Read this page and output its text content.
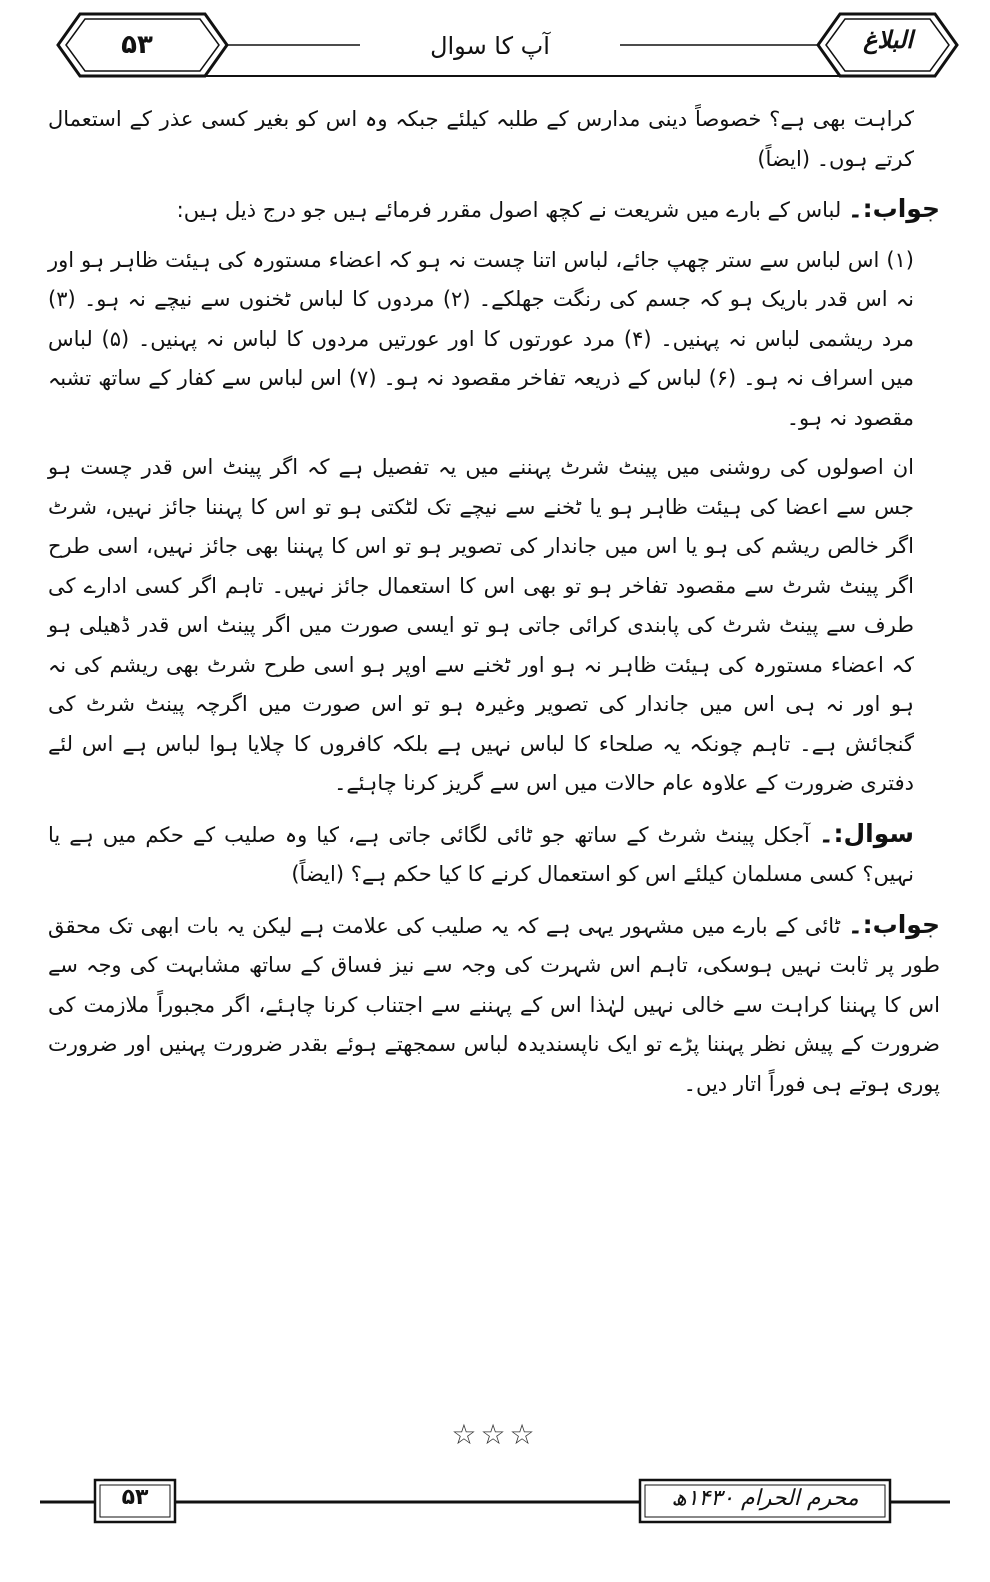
۵۳	آپ کا سوال	البلاغ

کراہت بھی ہے؟ خصوصاً دینی مدارس کے طلبہ کیلئے جبکہ وہ اس کو بغیر کسی عذر کے استعمال کرتے ہوں۔ (ایضاً)

جواب:۔ لباس کے بارے میں شریعت نے کچھ اصول مقرر فرمائے ہیں جو درج ذیل ہیں:

(۱) اس لباس سے ستر چھپ جائے، لباس اتنا چست نہ ہو کہ اعضاء مستورہ کی ہیئت ظاہر ہو اور نہ اس قدر باریک ہو کہ جسم کی رنگت جھلکے۔ (۲) مردوں کا لباس ٹخنوں سے نیچے نہ ہو۔ (۳) مرد ریشمی لباس نہ پہنیں۔ (۴) مرد عورتوں کا اور عورتیں مردوں کا لباس نہ پہنیں۔ (۵) لباس میں اسراف نہ ہو۔ (۶) لباس کے ذریعہ تفاخر مقصود نہ ہو۔ (۷) اس لباس سے کفار کے ساتھ تشبہ مقصود نہ ہو۔

ان اصولوں کی روشنی میں پینٹ شرٹ پہننے میں یہ تفصیل ہے کہ اگر پینٹ اس قدر چست ہو جس سے اعضا کی ہیئت ظاہر ہو یا ٹخنے سے نیچے تک لٹکتی ہو تو اس کا پہننا جائز نہیں، شرٹ اگر خالص ریشم کی ہو یا اس میں جاندار کی تصویر ہو تو اس کا پہننا بھی جائز نہیں، اسی طرح اگر پینٹ شرٹ سے مقصود تفاخر ہو تو بھی اس کا استعمال جائز نہیں۔ تاہم اگر کسی ادارے کی طرف سے پینٹ شرٹ کی پابندی کرائی جاتی ہو تو ایسی صورت میں اگر پینٹ اس قدر ڈھیلی ہو کہ اعضاء مستورہ کی ہیئت ظاہر نہ ہو اور ٹخنے سے اوپر ہو اسی طرح شرٹ بھی ریشم کی نہ ہو اور نہ ہی اس میں جاندار کی تصویر وغیرہ ہو تو اس صورت میں اگرچہ پینٹ شرٹ کی گنجائش ہے۔ تاہم چونکہ یہ صلحاء کا لباس نہیں ہے بلکہ کافروں کا چلایا ہوا لباس ہے اس لئے دفتری ضرورت کے علاوہ عام حالات میں اس سے گریز کرنا چاہئے۔

سوال:۔ آجکل پینٹ شرٹ کے ساتھ جو ٹائی لگائی جاتی ہے، کیا وہ صلیب کے حکم میں ہے یا نہیں؟ کسی مسلمان کیلئے اس کو استعمال کرنے کا کیا حکم ہے؟ (ایضاً)

جواب:۔ ٹائی کے بارے میں مشہور یہی ہے کہ یہ صلیب کی علامت ہے لیکن یہ بات ابھی تک محقق طور پر ثابت نہیں ہوسکی، تاہم اس شہرت کی وجہ سے نیز فساق کے ساتھ مشابہت کی وجہ سے اس کا پہننا کراہت سے خالی نہیں لہٰذا اس کے پہننے سے اجتناب کرنا چاہئے، اگر مجبوراً ملازمت کی ضرورت کے پیش نظر پہننا پڑے تو ایک ناپسندیدہ لباس سمجھتے ہوئے بقدر ضرورت پہنیں اور ضرورت پوری ہوتے ہی فوراً اتار دیں۔

☆☆☆
۵۳	محرم الحرام ۱۴۳۰ھ
